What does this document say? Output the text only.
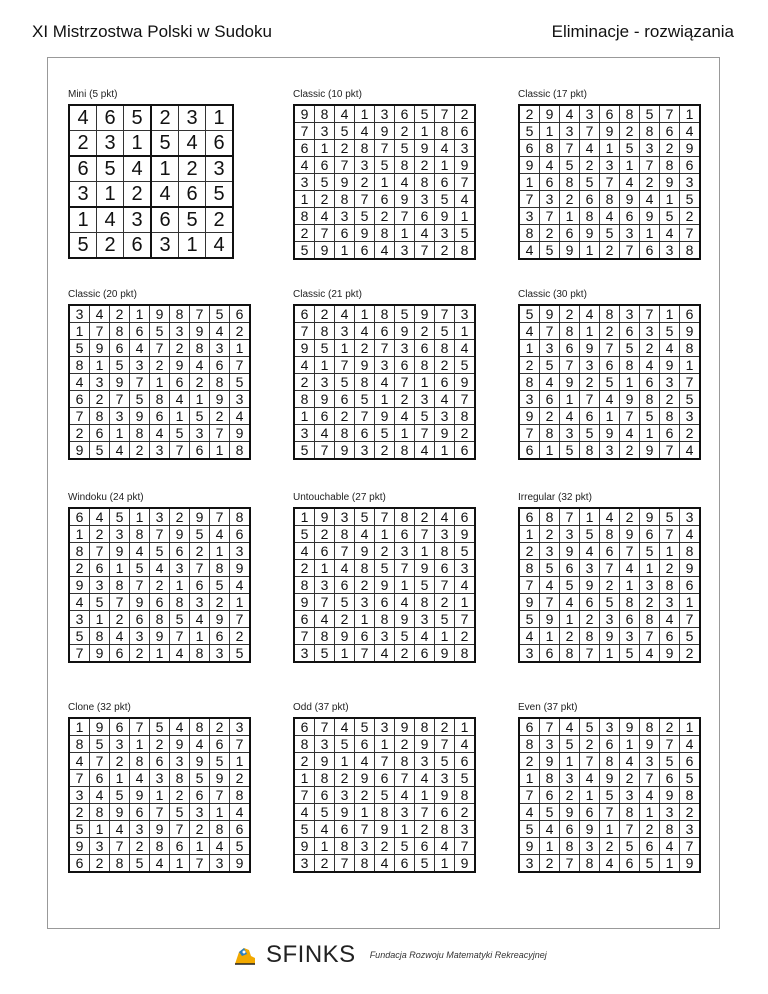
XI Mistrzostwa Polski w Sudoku	Eliminacje - rozwiązania
Mini (5 pkt)
4	6	5	2	3	1
2	3	1	5	4	6
6	5	4	1	2	3
3	1	2	4	6	5
1	4	3	6	5	2
5	2	6	3	1	4
Classic (10 pkt)
9	8	4	1	3	6	5	7	2
7	3	5	4	9	2	1	8	6
6	1	2	8	7	5	9	4	3
4	6	7	3	5	8	2	1	9
3	5	9	2	1	4	8	6	7
1	2	8	7	6	9	3	5	4
8	4	3	5	2	7	6	9	1
2	7	6	9	8	1	4	3	5
5	9	1	6	4	3	7	2	8
Classic (17 pkt)
2	9	4	3	6	8	5	7	1
5	1	3	7	9	2	8	6	4
6	8	7	4	1	5	3	2	9
9	4	5	2	3	1	7	8	6
1	6	8	5	7	4	2	9	3
7	3	2	6	8	9	4	1	5
3	7	1	8	4	6	9	5	2
8	2	6	9	5	3	1	4	7
4	5	9	1	2	7	6	3	8
Classic (20 pkt)
3	4	2	1	9	8	7	5	6
1	7	8	6	5	3	9	4	2
5	9	6	4	7	2	8	3	1
8	1	5	3	2	9	4	6	7
4	3	9	7	1	6	2	8	5
6	2	7	5	8	4	1	9	3
7	8	3	9	6	1	5	2	4
2	6	1	8	4	5	3	7	9
9	5	4	2	3	7	6	1	8
Classic (21 pkt)
6	2	4	1	8	5	9	7	3
7	8	3	4	6	9	2	5	1
9	5	1	2	7	3	6	8	4
4	1	7	9	3	6	8	2	5
2	3	5	8	4	7	1	6	9
8	9	6	5	1	2	3	4	7
1	6	2	7	9	4	5	3	8
3	4	8	6	5	1	7	9	2
5	7	9	3	2	8	4	1	6
Classic (30 pkt)
5	9	2	4	8	3	7	1	6
4	7	8	1	2	6	3	5	9
1	3	6	9	7	5	2	4	8
2	5	7	3	6	8	4	9	1
8	4	9	2	5	1	6	3	7
3	6	1	7	4	9	8	2	5
9	2	4	6	1	7	5	8	3
7	8	3	5	9	4	1	6	2
6	1	5	8	3	2	9	7	4
Windoku (24 pkt)
6	4	5	1	3	2	9	7	8
1	2	3	8	7	9	5	4	6
8	7	9	4	5	6	2	1	3
2	6	1	5	4	3	7	8	9
9	3	8	7	2	1	6	5	4
4	5	7	9	6	8	3	2	1
3	1	2	6	8	5	4	9	7
5	8	4	3	9	7	1	6	2
7	9	6	2	1	4	8	3	5
Untouchable (27 pkt)
1	9	3	5	7	8	2	4	6
5	2	8	4	1	6	7	3	9
4	6	7	9	2	3	1	8	5
2	1	4	8	5	7	9	6	3
8	3	6	2	9	1	5	7	4
9	7	5	3	6	4	8	2	1
6	4	2	1	8	9	3	5	7
7	8	9	6	3	5	4	1	2
3	5	1	7	4	2	6	9	8
Irregular (32 pkt)
6	8	7	1	4	2	9	5	3
1	2	3	5	8	9	6	7	4
2	3	9	4	6	7	5	1	8
8	5	6	3	7	4	1	2	9
7	4	5	9	2	1	3	8	6
9	7	4	6	5	8	2	3	1
5	9	1	2	3	6	8	4	7
4	1	2	8	9	3	7	6	5
3	6	8	7	1	5	4	9	2
Clone (32 pkt)
1	9	6	7	5	4	8	2	3
8	5	3	1	2	9	4	6	7
4	7	2	8	6	3	9	5	1
7	6	1	4	3	8	5	9	2
3	4	5	9	1	2	6	7	8
2	8	9	6	7	5	3	1	4
5	1	4	3	9	7	2	8	6
9	3	7	2	8	6	1	4	5
6	2	8	5	4	1	7	3	9
Odd (37 pkt)
6	7	4	5	3	9	8	2	1
8	3	5	6	1	2	9	7	4
2	9	1	4	7	8	3	5	6
1	8	2	9	6	7	4	3	5
7	6	3	2	5	4	1	9	8
4	5	9	1	8	3	7	6	2
5	4	6	7	9	1	2	8	3
9	1	8	3	2	5	6	4	7
3	2	7	8	4	6	5	1	9
Even (37 pkt)
6	7	4	5	3	9	8	2	1
8	3	5	2	6	1	9	7	4
2	9	1	7	8	4	3	5	6
1	8	3	4	9	2	7	6	5
7	6	2	1	5	3	4	9	8
4	5	9	6	7	8	1	3	2
5	4	6	9	1	7	2	8	3
9	1	8	3	2	5	6	4	7
3	2	7	8	4	6	5	1	9
SFINKS Fundacja Rozwoju Matematyki Rekreacyjnej
